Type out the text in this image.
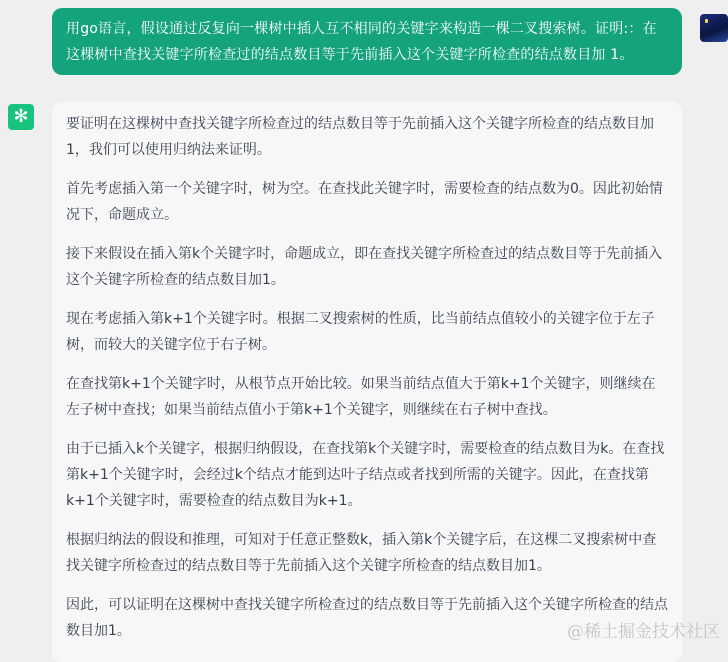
用go语言，假设通过反复向一棵树中插人互不相同的关键字来构造一棵二叉搜索树。证明:：在这棵树中查找关键字所检查过的结点数目等于先前插入这个关键字所检查的结点数目加 1。
✻	要证明在这棵树中查找关键字所检查过的结点数目等于先前插入这个关键字所检查的结点数目加1，我们可以使用归纳法来证明。

首先考虑插入第一个关键字时，树为空。在查找此关键字时，需要检查的结点数为0。因此初始情况下，命题成立。

接下来假设在插入第k个关键字时，命题成立，即在查找关键字所检查过的结点数目等于先前插入这个关键字所检查的结点数目加1。

现在考虑插入第k+1个关键字时。根据二叉搜索树的性质，比当前结点值较小的关键字位于左子树，而较大的关键字位于右子树。

在查找第k+1个关键字时，从根节点开始比较。如果当前结点值大于第k+1个关键字，则继续在左子树中查找；如果当前结点值小于第k+1个关键字，则继续在右子树中查找。

由于已插入k个关键字，根据归纳假设，在查找第k个关键字时，需要检查的结点数目为k。在查找第k+1个关键字时，会经过k个结点才能到达叶子结点或者找到所需的关键字。因此，在查找第k+1个关键字时，需要检查的结点数目为k+1。

根据归纳法的假设和推理，可知对于任意正整数k，插入第k个关键字后，在这棵二叉搜索树中查找关键字所检查过的结点数目等于先前插入这个关键字所检查的结点数目加1。

因此，可以证明在这棵树中查找关键字所检查过的结点数目等于先前插入这个关键字所检查的结点数目加1。	@稀土掘金技术社区
